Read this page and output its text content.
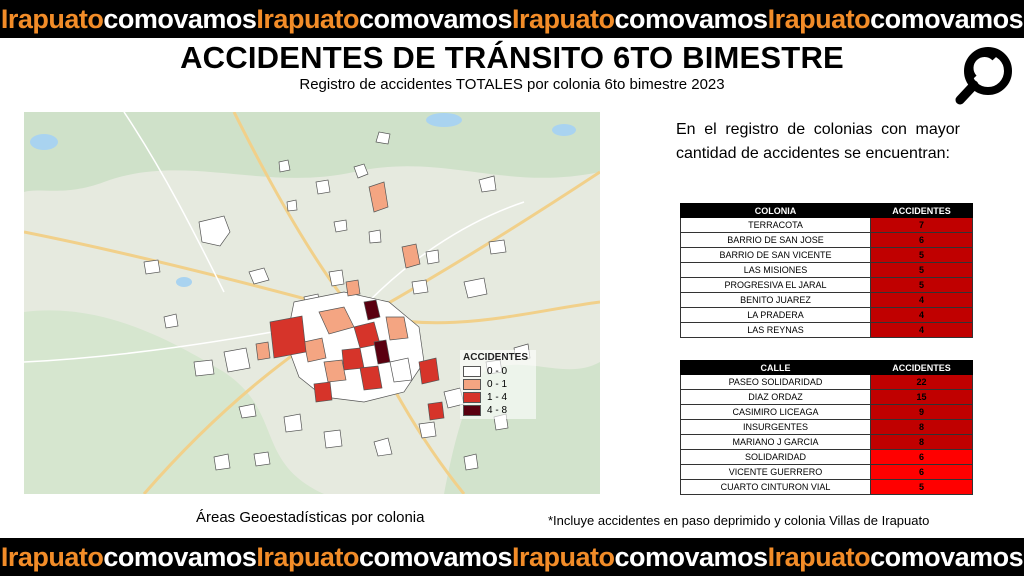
IrapuatocomovamosIrapuatocomovamosIrapuatocomovamosIrapuatocomovamos
ACCIDENTES DE TRÁNSITO 6TO BIMESTRE
Registro de accidentes TOTALES por colonia 6to bimestre 2023
ACCIDENTES
0 - 0
0 - 1
1 - 4
4 - 8
Áreas Geoestadísticas por colonia
En el registro de colonias con mayor cantidad de accidentes se encuentran:
COLONIA	ACCIDENTES
TERRACOTA	7
BARRIO DE SAN JOSE	6
BARRIO DE SAN VICENTE	5
LAS MISIONES	5
PROGRESIVA EL JARAL	5
BENITO JUAREZ	4
LA PRADERA	4
LAS REYNAS	4
CALLE	ACCIDENTES
PASEO SOLIDARIDAD	22
DIAZ ORDAZ	15
CASIMIRO LICEAGA	9
INSURGENTES	8
MARIANO J GARCIA	8
SOLIDARIDAD	6
VICENTE GUERRERO	6
CUARTO CINTURON VIAL	5
*Incluye accidentes en paso deprimido y colonia Villas de Irapuato
IrapuatocomovamosIrapuatocomovamosIrapuatocomovamosIrapuatocomovamos
